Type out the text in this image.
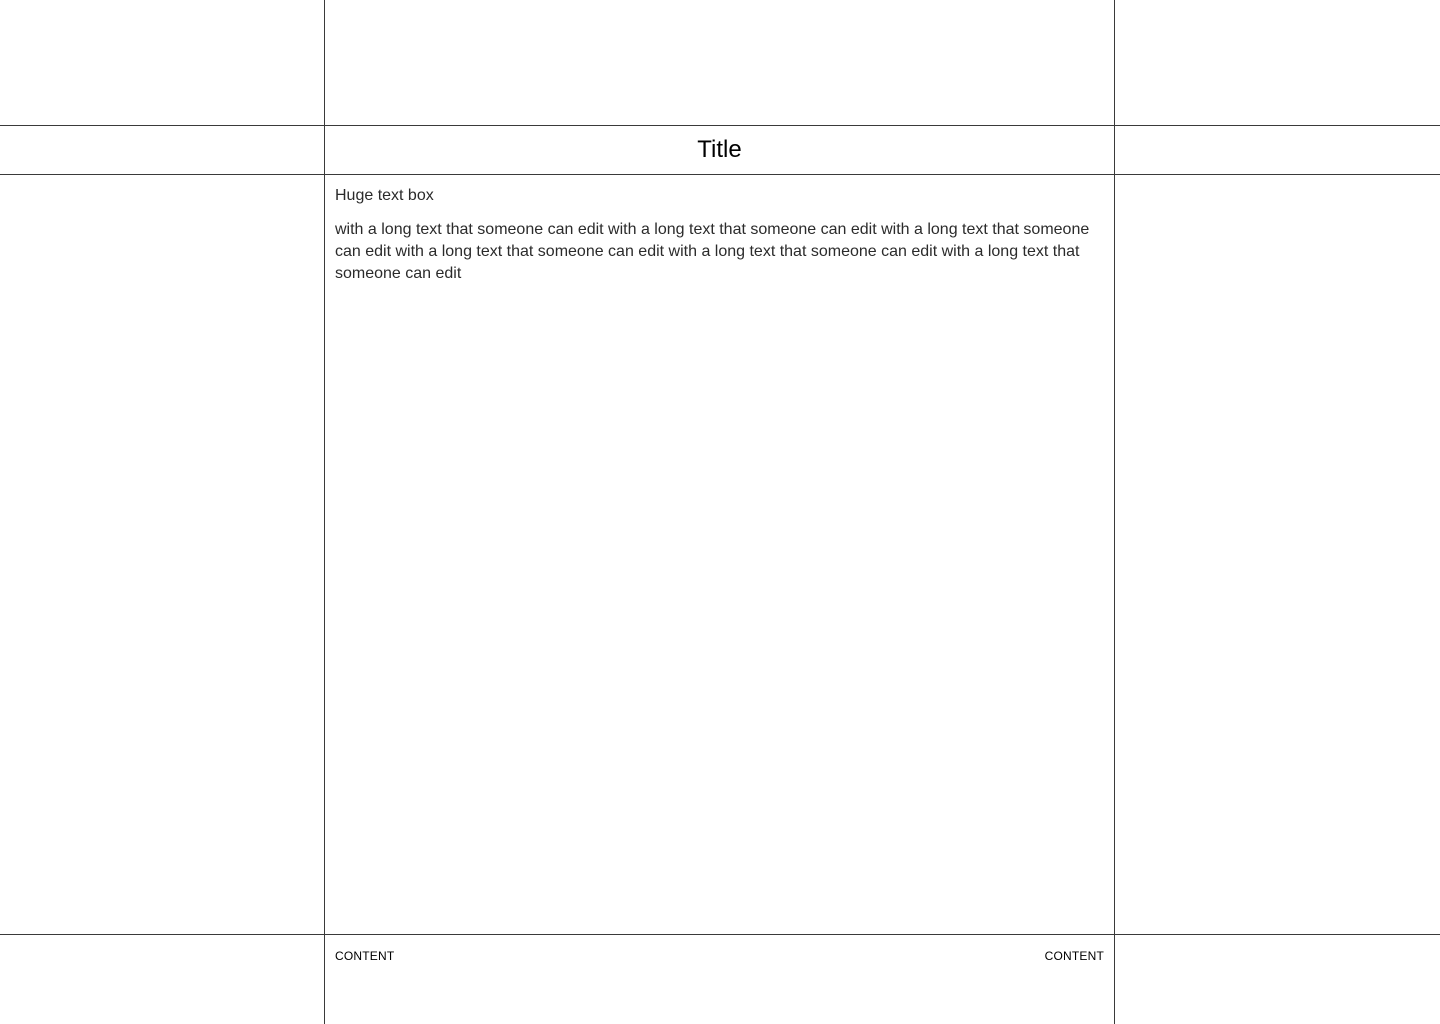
Title
Huge text box
with a long text that someone can edit with a long text that someone can edit with a long text that someone can edit with a long text that someone can edit with a long text that someone can edit with a long text that someone can edit
CONTENT	CONTENT
